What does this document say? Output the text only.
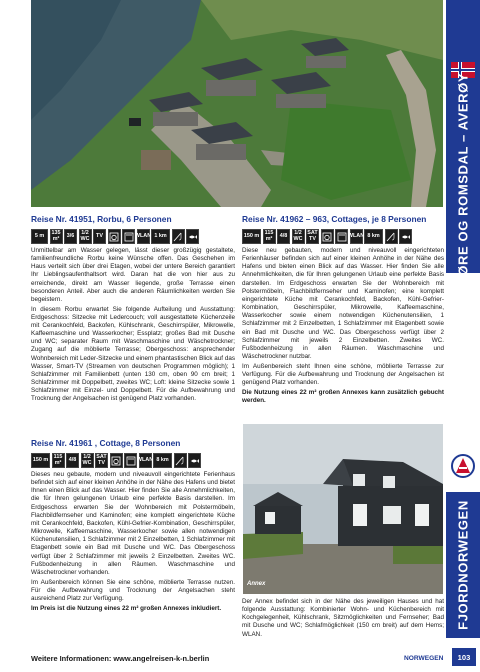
MØRE OG ROMSDAL – AVERØY
FJORDNORWEGEN
Reise Nr. 41951, Rorbu, 6 Personen
5 m	135 m²	3/6	1/2 WC	TV	WLAN 1 km

Unmittelbar am Wasser gelegen, lässt dieser großzügig gestaltete, familienfreundliche Rorbu keine Wünsche offen. Das Geschehen im Haus verteilt sich über drei Etagen, wobei der untere Bereich garantiert Ihr Lieblingsaufenthaltsort wird. Daran hat die von hier aus zu erreichende, direkt am Wasser liegende, große Terrasse einen besonderen Anteil. Aber auch die anderen Räumlichkeiten werden Sie begeistern.

In diesem Rorbu erwartet Sie folgende Aufteilung und Ausstattung: Erdgeschoss: Sitzecke mit Ledercouch; voll ausgestattete Küchenzeile mit Cerankochfeld, Backofen, Kühlschrank, Geschirrspüler, Mikrowelle, Kaffeemaschine und Wasserkocher; Essplatz; großes Bad mit Dusche und WC; separater Raum mit Waschmaschine und Wäschetrockner; Zugang auf die möblierte Terrasse; Obergeschoss: ansprechender Wohnbereich mit Leder-Sitzecke und einem phantastischen Blick auf das Wasser, Smart-TV (Streamen von deutschen Programmen möglich); 1 Schlafzimmer mit Familienbett (unten 130 cm, oben 90 cm breit; 1 Schlafzimmer mit Doppelbett, zweites WC; Loft: kleine Sitzecke sowie 1 Schlafzimmer mit Einzel- und Doppelbett. Für die Aufbewahrung und Trocknung der Angelsachen ist genügend Platz vorhanden.

Reise Nr. 41962 – 963, Cottages, je 8 Personen
150 m	115 m²	4/8	1/2 WC
SAT TV	WLAN 8 km

Diese neu gebauten, modern und niveauvoll eingerichteten Ferienhäuser befinden sich auf einer kleinen Anhöhe in der Nähe des Hafens und bieten einen Blick auf das Wasser. Hier finden Sie alle Annehmlichkeiten, die für Ihren gelungenen Urlaub eine perfekte Basis darstellen. Im Erdgeschoss erwarten Sie der Wohnbereich mit Polstermöbeln, Flachbildfernseher und Kaminofen; eine komplett eingerichtete Küche mit Cerankochfeld, Backofen, Kühl-Gefrier-Kombination, Geschirrspüler, Mikrowelle, Kaffeemaschine, Wasserkocher sowie einem notwendigen Küchenutensilien, 1 Schlafzimmer mit 2 Einzelbetten, 1 Schlafzimmer mit Etagenbett sowie ein Bad mit Dusche und WC. Das Obergeschoss verfügt über 2 Schlafzimmer mit jeweils 2 Einzelbetten. Zweites WC. Fußbodenheizung in allen Räumen. Waschmaschine und Wäschetrockner nutzbar.

Im Außenbereich steht Ihnen eine schöne, möblierte Terrasse zur Verfügung. Für die Aufbewahrung und Trocknung der Angelsachen ist genügend Platz vorhanden.

Die Nutzung eines 22 m² großen Annexes kann zusätzlich gebucht werden.

Reise Nr. 41961 , Cottage, 8 Personen
150 m	115 m²	4/8	1/2 WC
SAT TV	WLAN 8 km

Dieses neu gebaute, modern und niveauvoll eingerichtete Ferienhaus befindet sich auf einer kleinen Anhöhe in der Nähe des Hafens und bietet Ihnen einen Blick auf das Wasser. Hier finden Sie alle Annehmlichkeiten, die für Ihren gelungenen Urlaub eine perfekte Basis darstellen. Im Erdgeschoss erwarten Sie der Wohnbereich mit Polstermöbeln, Flachbildfernseher und Kaminofen; eine komplett eingerichtete Küche mit Cerankochfeld, Backofen, Kühl-Gefrier-Kombination, Geschirrspüler, Mikrowelle, Kaffeemaschine, Wasserkocher sowie allen notwendigen Küchenutensilien, 1 Schlafzimmer mit 2 Einzelbetten, 1 Schlafzimmer mit Etagenbett sowie ein Bad mit Dusche und WC. Das Obergeschoss verfügt über 2 Schlafzimmer mit jeweils 2 Einzelbetten. Zweites WC. Fußbodenheizung in allen Räumen. Waschmaschine und Wäschetrockner vorhanden.

Im Außenbereich können Sie eine schöne, möblierte Terrasse nutzen. Für die Aufbewahrung und Trocknung der Angelsachen steht ausreichend Platz zur Verfügung.

Im Preis ist die Nutzung eines 22 m² großen Annexes inkludiert.

Annex
Der Annex befindet sich in der Nähe des jeweiligen Hauses und hat folgende Ausstattung: Kombinierter Wohn- und Küchenbereich mit Kochgelegenheit, Kühlschrank, Sitzmöglichkeiten und Fernseher; Bad mit Dusche und WC; Schlafmöglichkeit (150 cm breit) auf dem Hems; WLAN.
Weitere Informationen: www.angelreisen-k-n.berlin	NORWEGEN	103
